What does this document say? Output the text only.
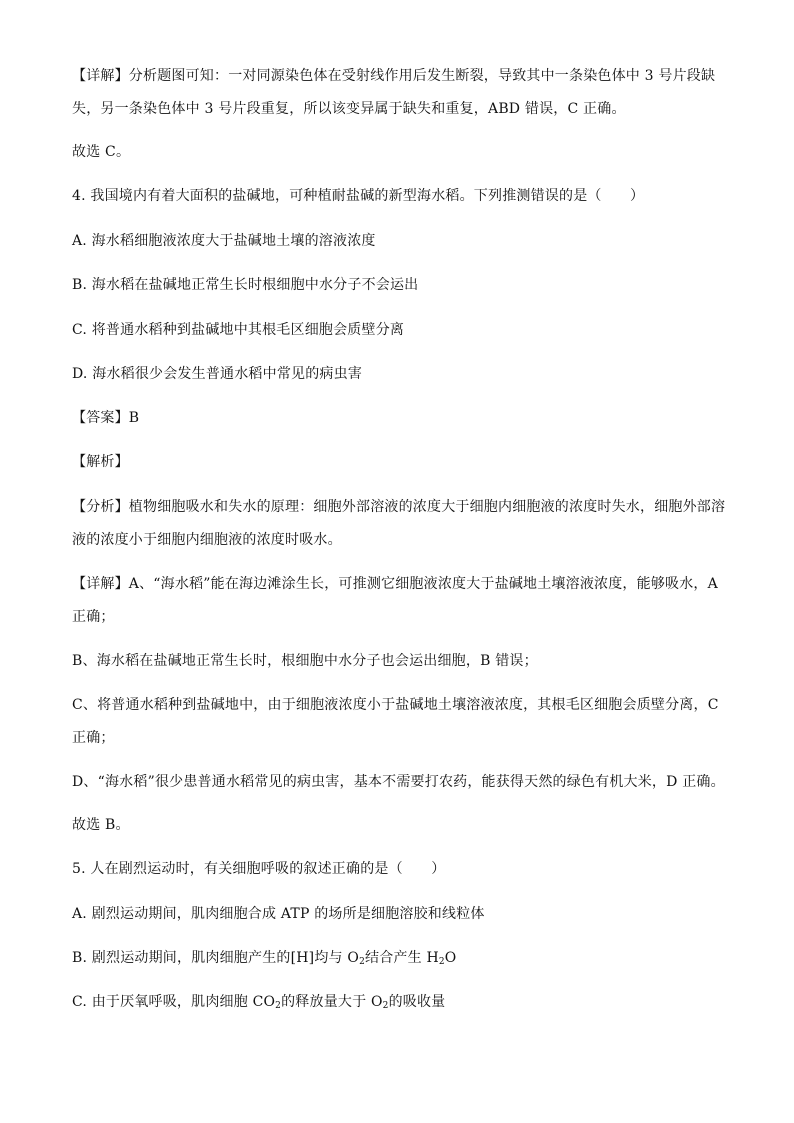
【详解】分析题图可知：一对同源染色体在受射线作用后发生断裂，导致其中一条染色体中 3 号片段缺
失，另一条染色体中 3 号片段重复，所以该变异属于缺失和重复，ABD 错误，C 正确。
故选 C。
4. 我国境内有着大面积的盐碱地，可种植耐盐碱的新型海水稻。下列推测错误的是（　　）
A. 海水稻细胞液浓度大于盐碱地土壤的溶液浓度
B. 海水稻在盐碱地正常生长时根细胞中水分子不会运出
C. 将普通水稻种到盐碱地中其根毛区细胞会质壁分离
D. 海水稻很少会发生普通水稻中常见的病虫害
【答案】B
【解析】
【分析】植物细胞吸水和失水的原理：细胞外部溶液的浓度大于细胞内细胞液的浓度时失水，细胞外部溶
液的浓度小于细胞内细胞液的浓度时吸水。
【详解】A、“海水稻”能在海边滩涂生长，可推测它细胞液浓度大于盐碱地土壤溶液浓度，能够吸水，A
正确；
B、海水稻在盐碱地正常生长时，根细胞中水分子也会运出细胞，B 错误；
C、将普通水稻种到盐碱地中，由于细胞液浓度小于盐碱地土壤溶液浓度，其根毛区细胞会质壁分离，C
正确；
D、“海水稻”很少患普通水稻常见的病虫害，基本不需要打农药，能获得天然的绿色有机大米，D 正确。
故选 B。
5. 人在剧烈运动时，有关细胞呼吸的叙述正确的是（　　）
A. 剧烈运动期间，肌肉细胞合成 ATP 的场所是细胞溶胶和线粒体
B. 剧烈运动期间，肌肉细胞产生的[H]均与 $O_2$结合产生 $H_2O$
C. 由于厌氧呼吸，肌肉细胞 $CO_2$的释放量大于 $O_2$的吸收量
